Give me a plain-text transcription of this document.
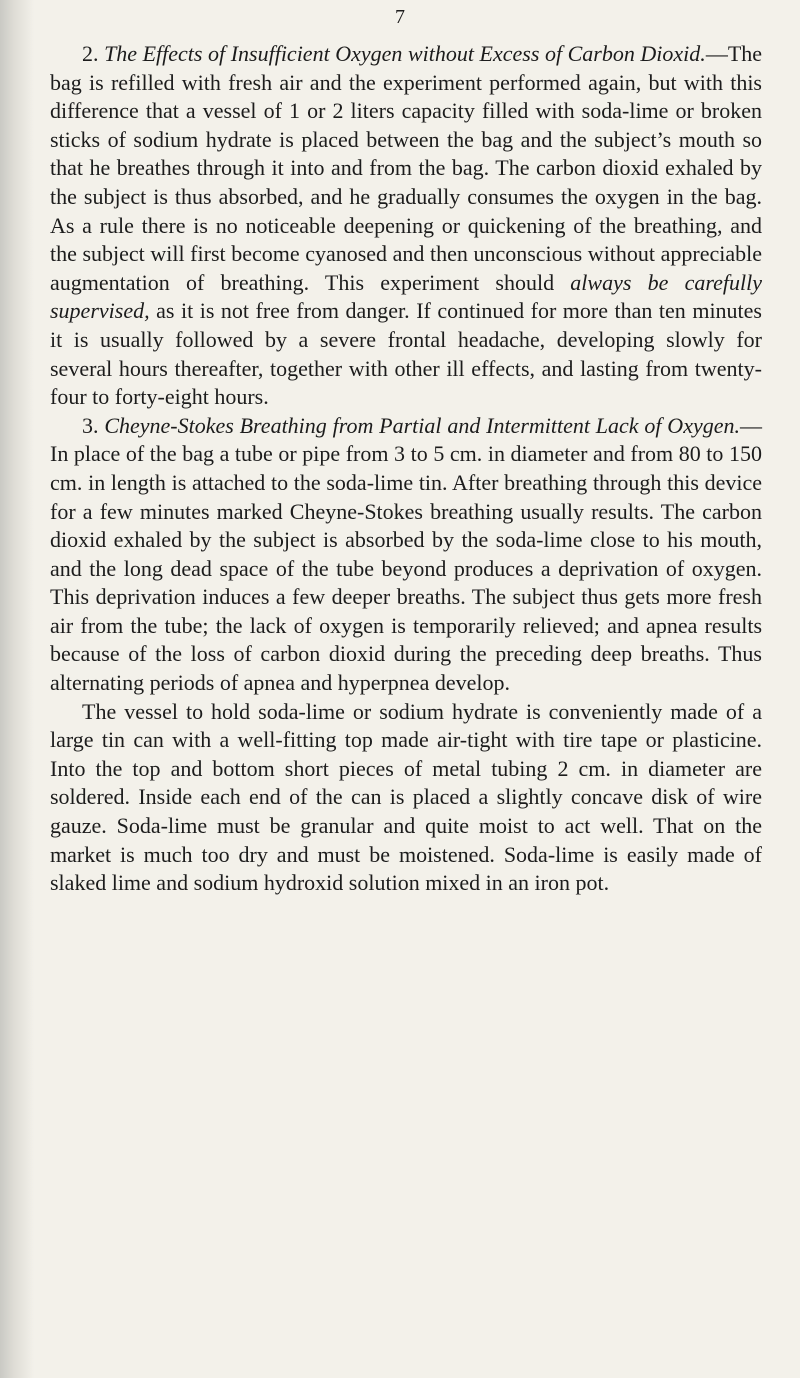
7

2. The Effects of Insufficient Oxygen without Excess of Carbon Dioxid.—The bag is refilled with fresh air and the experiment performed again, but with this difference that a vessel of 1 or 2 liters capacity filled with soda-lime or broken sticks of sodium hydrate is placed between the bag and the subject’s mouth so that he breathes through it into and from the bag. The carbon dioxid exhaled by the subject is thus absorbed, and he gradually consumes the oxygen in the bag. As a rule there is no noticeable deepening or quickening of the breathing, and the subject will first become cyanosed and then unconscious without appreciable augmentation of breathing. This experiment should always be carefully supervised, as it is not free from danger. If continued for more than ten minutes it is usually followed by a severe frontal headache, developing slowly for several hours thereafter, together with other ill effects, and lasting from twenty-four to forty-eight hours.

3. Cheyne-Stokes Breathing from Partial and Intermittent Lack of Oxygen.—In place of the bag a tube or pipe from 3 to 5 cm. in diameter and from 80 to 150 cm. in length is attached to the soda-lime tin. After breathing through this device for a few minutes marked Cheyne-Stokes breathing usually results. The carbon dioxid exhaled by the subject is absorbed by the soda-lime close to his mouth, and the long dead space of the tube beyond produces a deprivation of oxygen. This deprivation induces a few deeper breaths. The subject thus gets more fresh air from the tube; the lack of oxygen is temporarily relieved; and apnea results because of the loss of carbon dioxid during the preceding deep breaths. Thus alternating periods of apnea and hyperpnea develop.

The vessel to hold soda-lime or sodium hydrate is conveniently made of a large tin can with a well-fitting top made air-tight with tire tape or plasticine. Into the top and bottom short pieces of metal tubing 2 cm. in diameter are soldered. Inside each end of the can is placed a slightly concave disk of wire gauze. Soda-lime must be granular and quite moist to act well. That on the market is much too dry and must be moistened. Soda-lime is easily made of slaked lime and sodium hydroxid solution mixed in an iron pot.
